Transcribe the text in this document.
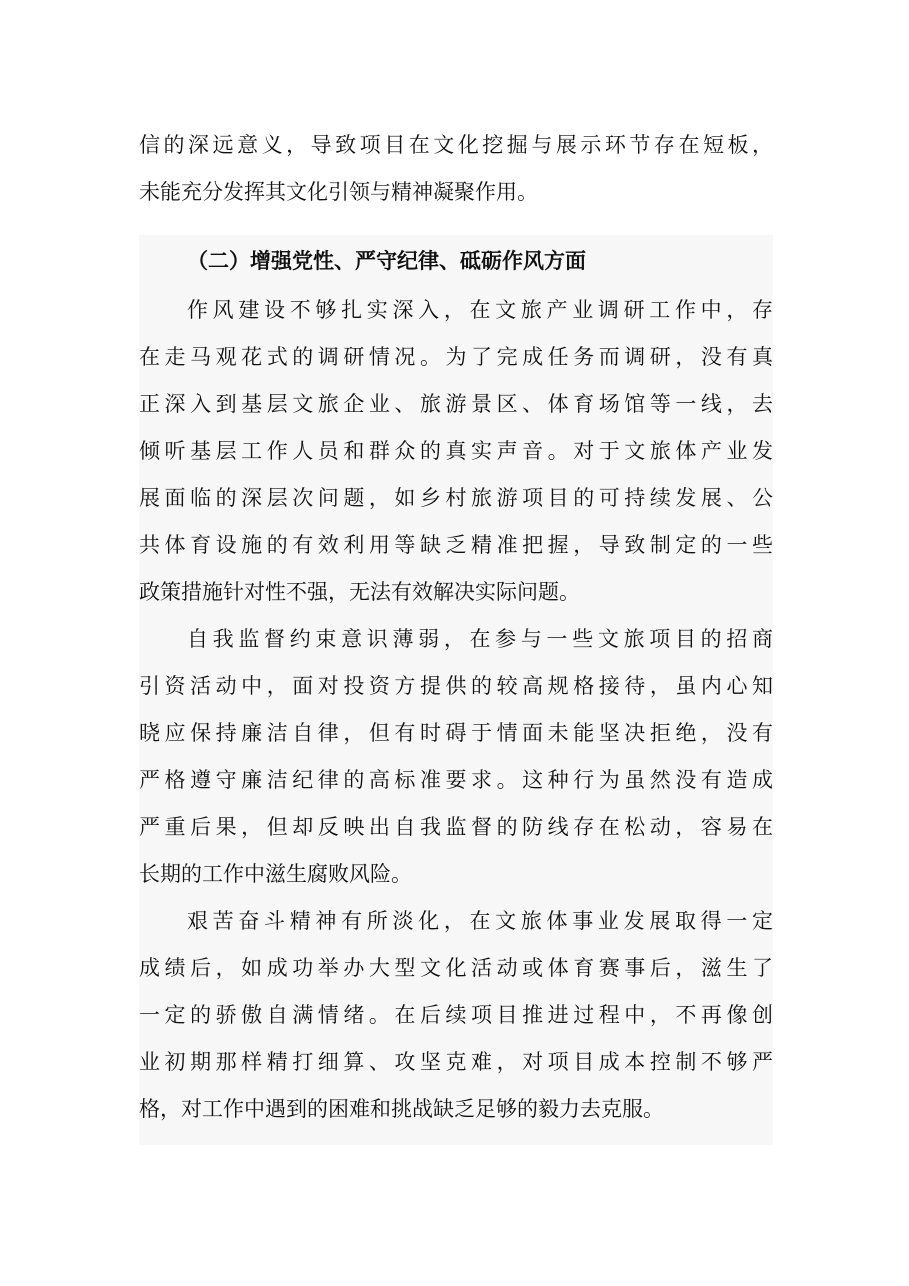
信的深远意义，导致项目在文化挖掘与展示环节存在短板，
未能充分发挥其文化引领与精神凝聚作用。
（二）增强党性、严守纪律、砥砺作风方面
作风建设不够扎实深入，在文旅产业调研工作中，存
在走马观花式的调研情况。为了完成任务而调研，没有真
正深入到基层文旅企业、旅游景区、体育场馆等一线，去
倾听基层工作人员和群众的真实声音。对于文旅体产业发
展面临的深层次问题，如乡村旅游项目的可持续发展、公
共体育设施的有效利用等缺乏精准把握，导致制定的一些
政策措施针对性不强，无法有效解决实际问题。
自我监督约束意识薄弱，在参与一些文旅项目的招商
引资活动中，面对投资方提供的较高规格接待，虽内心知
晓应保持廉洁自律，但有时碍于情面未能坚决拒绝，没有
严格遵守廉洁纪律的高标准要求。这种行为虽然没有造成
严重后果，但却反映出自我监督的防线存在松动，容易在
长期的工作中滋生腐败风险。
艰苦奋斗精神有所淡化，在文旅体事业发展取得一定
成绩后，如成功举办大型文化活动或体育赛事后，滋生了
一定的骄傲自满情绪。在后续项目推进过程中，不再像创
业初期那样精打细算、攻坚克难，对项目成本控制不够严
格，对工作中遇到的困难和挑战缺乏足够的毅力去克服。
